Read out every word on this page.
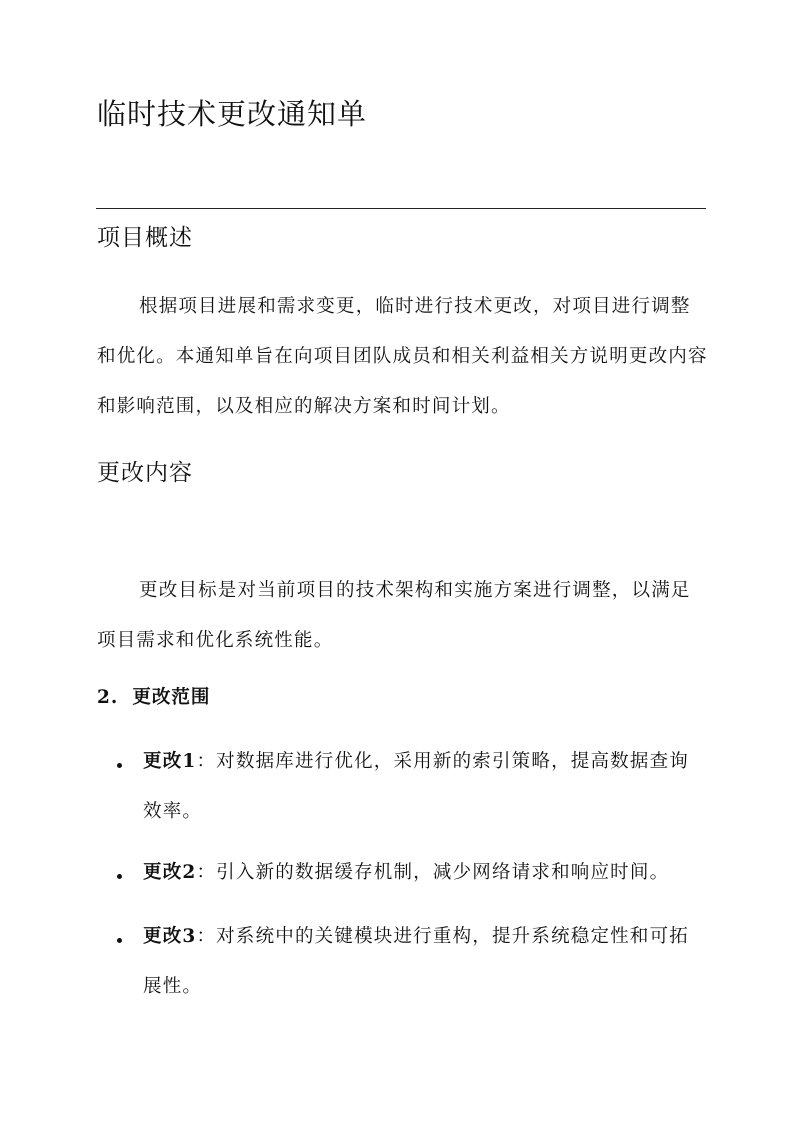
临时技术更改通知单
项目概述

根据项目进展和需求变更，临时进行技术更改，对项目进行调整和优化。本通知单旨在向项目团队成员和相关利益相关方说明更改内容和影响范围，以及相应的解决方案和时间计划。

更改内容

更改目标是对当前项目的技术架构和实施方案进行调整，以满足项目需求和优化系统性能。

2. 更改范围

更改1：对数据库进行优化，采用新的索引策略，提高数据查询效率。

更改2：引入新的数据缓存机制，减少网络请求和响应时间。

更改3：对系统中的关键模块进行重构，提升系统稳定性和可拓展性。
